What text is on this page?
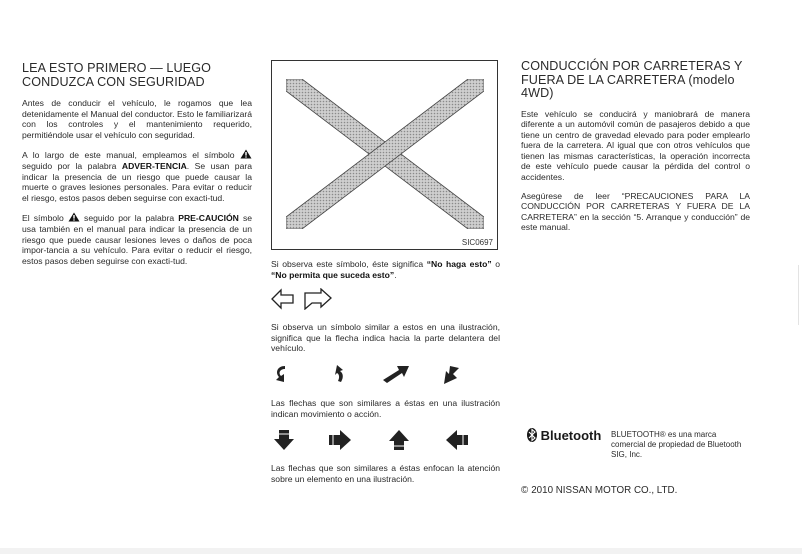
LEA ESTO PRIMERO — LUEGO CONDUZCA CON SEGURIDAD

Antes de conducir el vehículo, le rogamos que lea detenidamente el Manual del conductor. Esto le familiarizará con los controles y el mantenimiento requerido, permitiéndole usar el vehículo con seguridad.

A lo largo de este manual, empleamos el símbolo
seguido por la palabra ADVER-TENCIA. Se usan para indicar la presencia de un riesgo que puede causar la muerte o graves lesiones personales. Para evitar o reducir el riesgo, estos pasos deben seguirse con exacti-tud.

El símbolo seguido por la palabra PRE-CAUCIÓN se usa también en el manual para indicar la presencia de un riesgo que puede causar lesiones leves o daños de poca impor-tancia a su vehículo. Para evitar o reducir el riesgo, estos pasos deben seguirse con exacti-tud.

SIC0697

Si observa este símbolo, éste significa “No haga esto” o “No permita que suceda esto”.

Si observa un símbolo similar a estos en una ilustración, significa que la flecha indica hacia la parte delantera del vehículo.

Las flechas que son similares a éstas en una ilustración indican movimiento o acción.

Las flechas que son similares a éstas enfocan la atención sobre un elemento en una ilustración.

CONDUCCIÓN POR CARRETERAS Y FUERA DE LA CARRETERA (modelo 4WD)

Este vehículo se conducirá y maniobrará de manera diferente a un automóvil común de pasajeros debido a que tiene un centro de gravedad elevado para poder emplearlo fuera de la carretera. Al igual que con otros vehículos que tienen las mismas características, la operación incorrecta de este vehículo puede causar la pérdida del control o accidentes.

Asegúrese de leer “PRECAUCIONES PARA LA CONDUCCIÓN POR CARRETERAS Y FUERA DE LA CARRETERA” en la sección “5. Arranque y conducción” de este manual.

Bluetooth BLUETOOTH® es una marca comercial de propiedad de Bluetooth SIG, Inc.
© 2010 NISSAN MOTOR CO., LTD.
